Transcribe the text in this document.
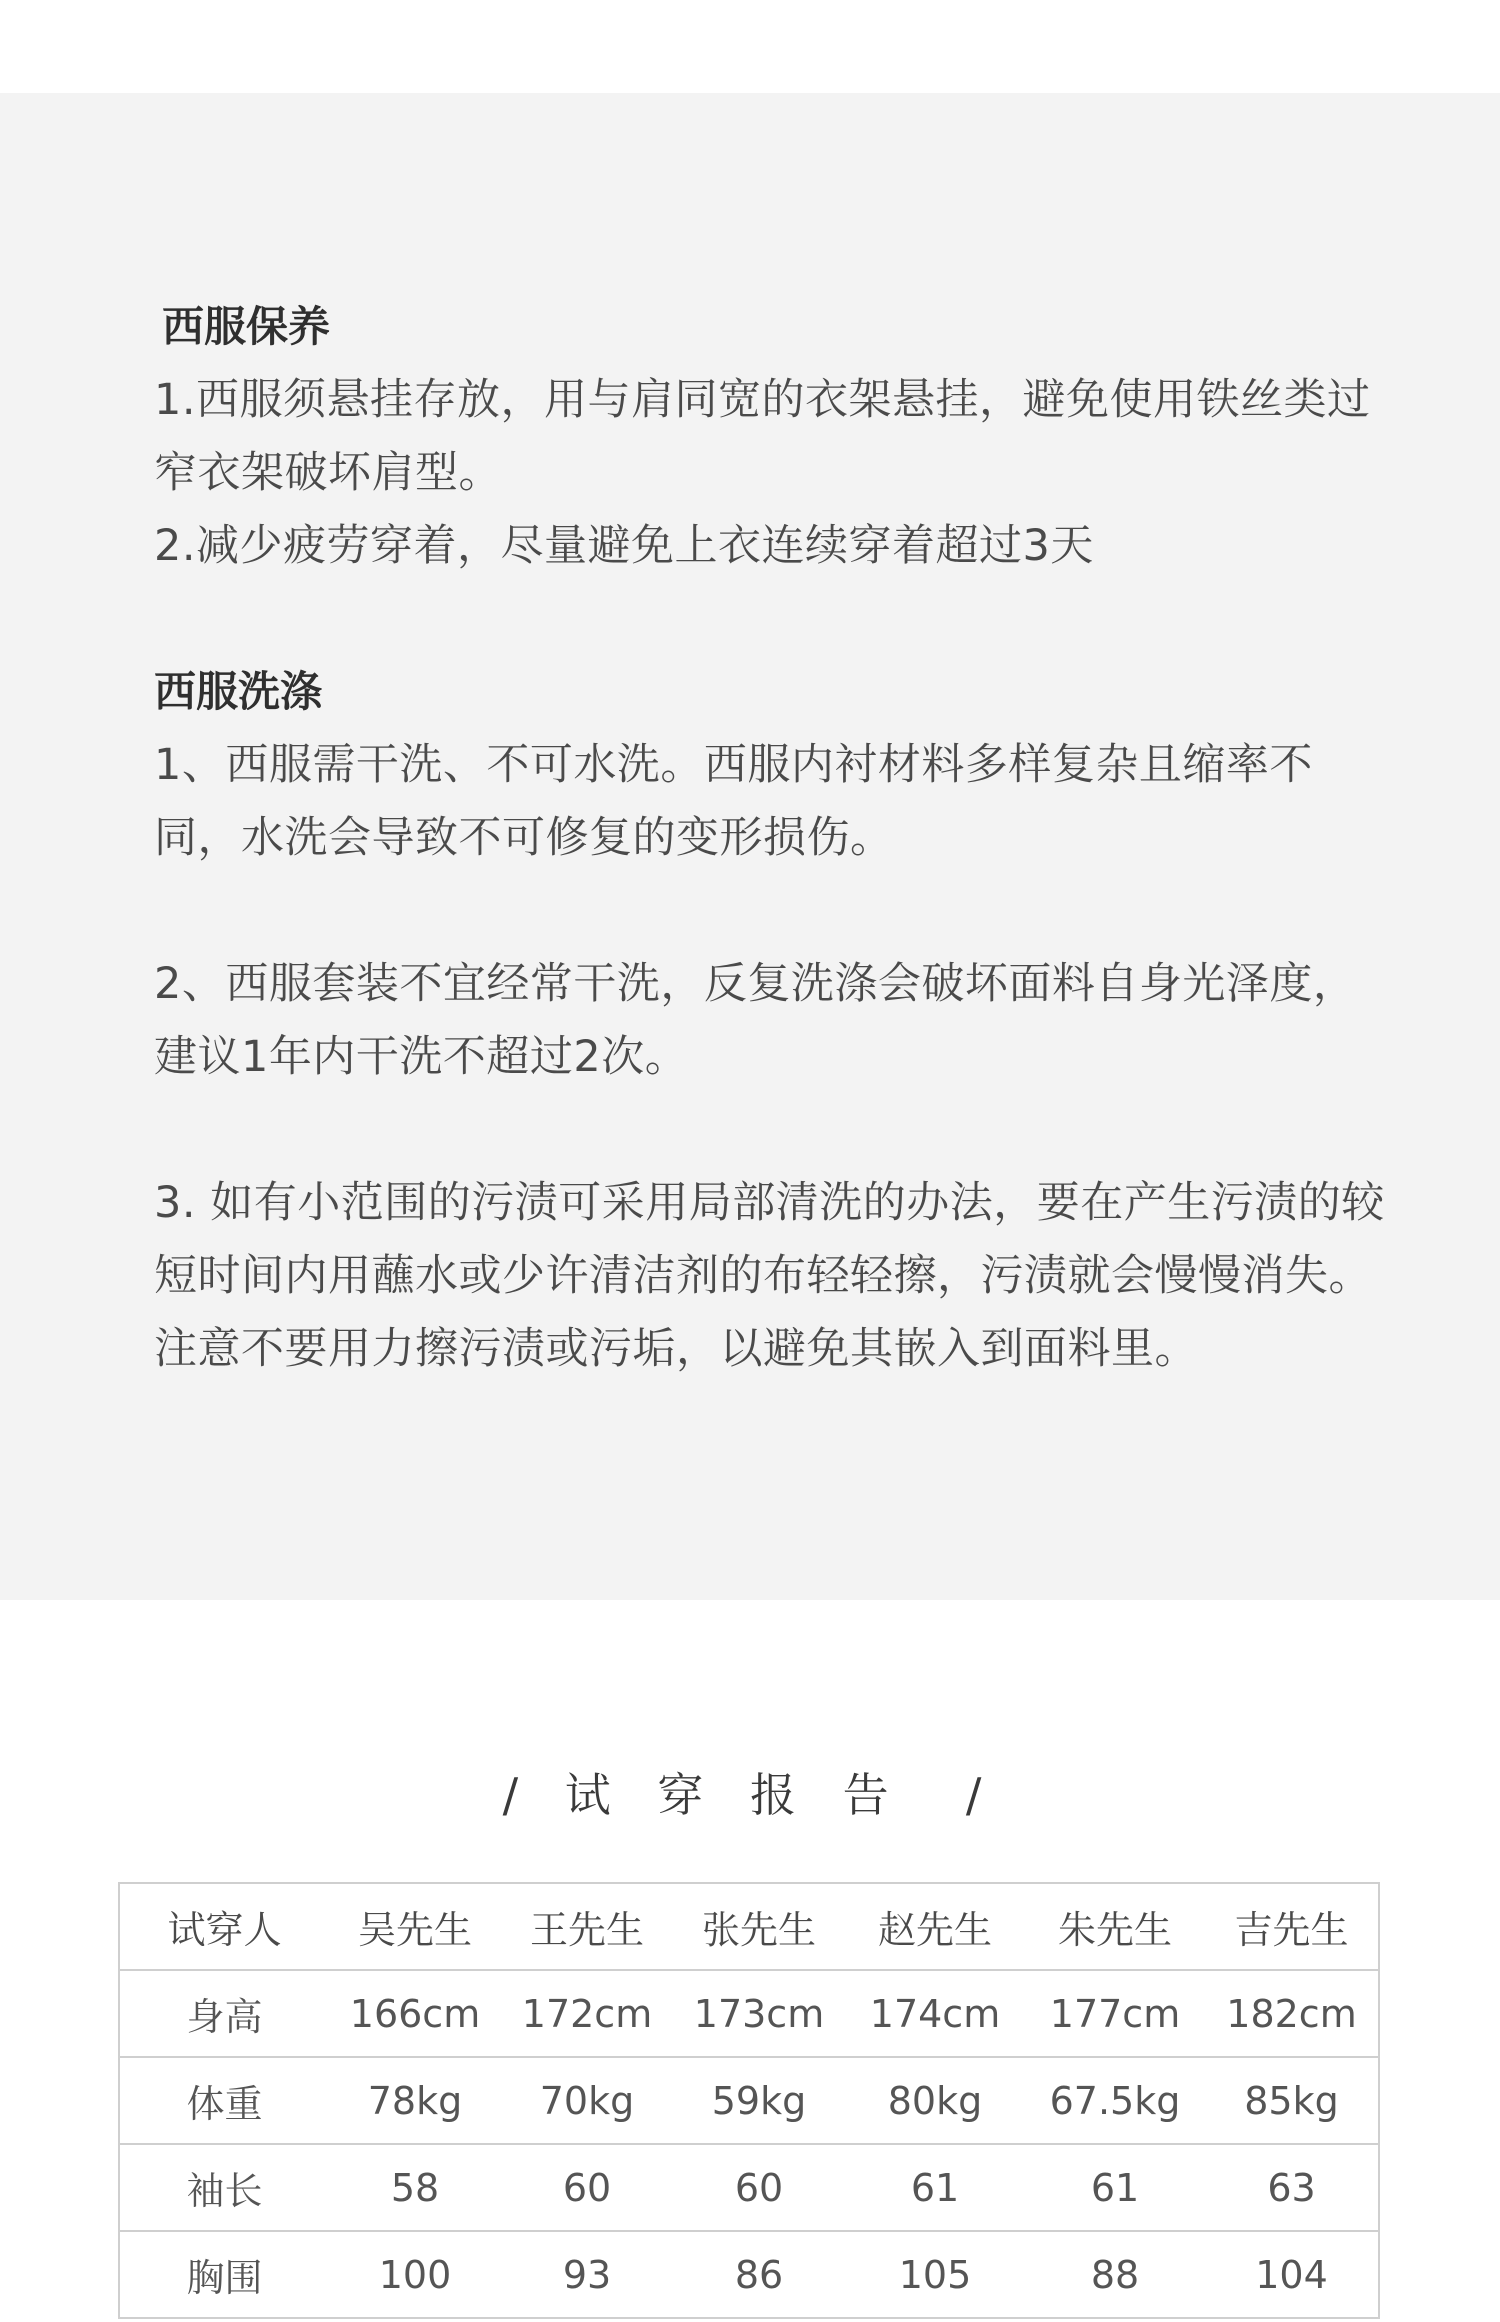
西服保养

1.西服须悬挂存放，用与肩同宽的衣架悬挂，避免使用铁丝类过窄衣架破坏肩型。

2.减少疲劳穿着，尽量避免上衣连续穿着超过3天

西服洗涤

1、西服需干洗、不可水洗。西服内衬材料多样复杂且缩率不同，水洗会导致不可修复的变形损伤。

2、西服套装不宜经常干洗，反复洗涤会破坏面料自身光泽度，建议1年内干洗不超过2次。

3. 如有小范围的污渍可采用局部清洗的办法，要在产生污渍的较短时间内用蘸水或少许清洁剂的布轻轻擦，污渍就会慢慢消失。注意不要用力擦污渍或污垢，以避免其嵌入到面料里。

/ 试 穿 报 告  /
试穿人	吴先生	王先生	张先生	赵先生	朱先生	吉先生
身高	166cm	172cm	173cm	174cm	177cm	182cm
体重	78kg	70kg	59kg	80kg	67.5kg	85kg
袖长	58	60	60	61	61	63
胸围	100	93	86	105	88	104
